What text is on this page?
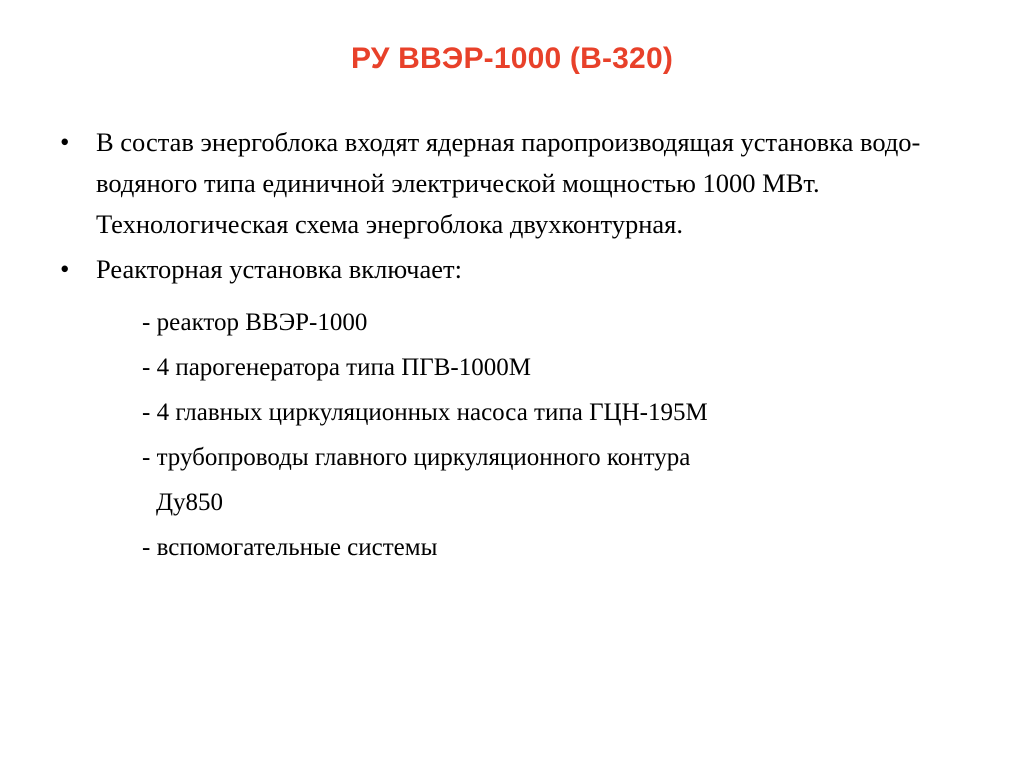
РУ ВВЭР-1000 (В-320)
•	В состав энергоблока входят ядерная паропроизводящая установка водо-водяного типа единичной электрической мощностью 1000 МВт. Технологическая схема энергоблока двухконтурная.
•	Реакторная установка включает:
- реактор ВВЭР-1000
- 4 парогенератора типа ПГВ-1000М
- 4 главных циркуляционных насоса типа ГЦН-195М
- трубопроводы главного циркуляционного контура
Ду850
- вспомогательные системы
